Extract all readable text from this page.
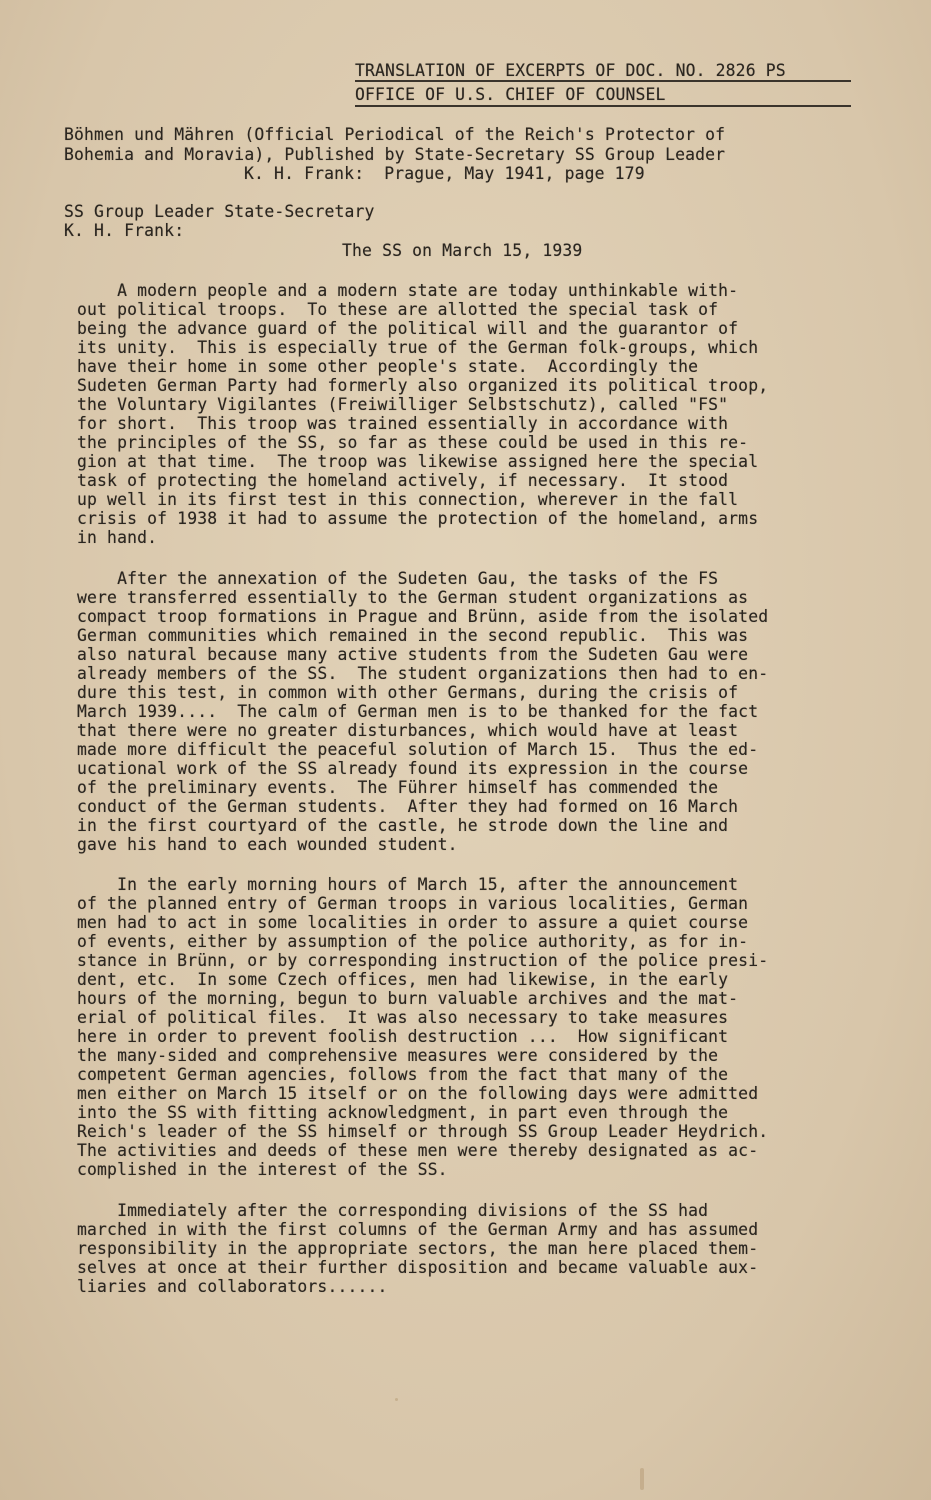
TRANSLATION OF EXCERPTS OF DOC. NO. 2826 PS
OFFICE OF U.S. CHIEF OF COUNSEL
Böhmen und Mähren (Official Periodical of the Reich's Protector of
Bohemia and Moravia), Published by State-Secretary SS Group Leader
K. H. Frank:  Prague, May 1941, page 179
SS Group Leader State-Secretary
K. H. Frank:
The SS on March 15, 1939
A modern people and a modern state are today unthinkable with-
out political troops.  To these are allotted the special task of
being the advance guard of the political will and the guarantor of
its unity.  This is especially true of the German folk-groups, which
have their home in some other people's state.  Accordingly the
Sudeten German Party had formerly also organized its political troop,
the Voluntary Vigilantes (Freiwilliger Selbstschutz), called "FS"
for short.  This troop was trained essentially in accordance with
the principles of the SS, so far as these could be used in this re-
gion at that time.  The troop was likewise assigned here the special
task of protecting the homeland actively, if necessary.  It stood
up well in its first test in this connection, wherever in the fall
crisis of 1938 it had to assume the protection of the homeland, arms
in hand.
After the annexation of the Sudeten Gau, the tasks of the FS
were transferred essentially to the German student organizations as
compact troop formations in Prague and Brünn, aside from the isolated
German communities which remained in the second republic.  This was
also natural because many active students from the Sudeten Gau were
already members of the SS.  The student organizations then had to en-
dure this test, in common with other Germans, during the crisis of
March 1939....  The calm of German men is to be thanked for the fact
that there were no greater disturbances, which would have at least
made more difficult the peaceful solution of March 15.  Thus the ed-
ucational work of the SS already found its expression in the course
of the preliminary events.  The Führer himself has commended the
conduct of the German students.  After they had formed on 16 March
in the first courtyard of the castle, he strode down the line and
gave his hand to each wounded student.
In the early morning hours of March 15, after the announcement
of the planned entry of German troops in various localities, German
men had to act in some localities in order to assure a quiet course
of events, either by assumption of the police authority, as for in-
stance in Brünn, or by corresponding instruction of the police presi-
dent, etc.  In some Czech offices, men had likewise, in the early
hours of the morning, begun to burn valuable archives and the mat-
erial of political files.  It was also necessary to take measures
here in order to prevent foolish destruction ...  How significant
the many-sided and comprehensive measures were considered by the
competent German agencies, follows from the fact that many of the
men either on March 15 itself or on the following days were admitted
into the SS with fitting acknowledgment, in part even through the
Reich's leader of the SS himself or through SS Group Leader Heydrich.
The activities and deeds of these men were thereby designated as ac-
complished in the interest of the SS.
Immediately after the corresponding divisions of the SS had
marched in with the first columns of the German Army and has assumed
responsibility in the appropriate sectors, the man here placed them-
selves at once at their further disposition and became valuable aux-
liaries and collaborators......
